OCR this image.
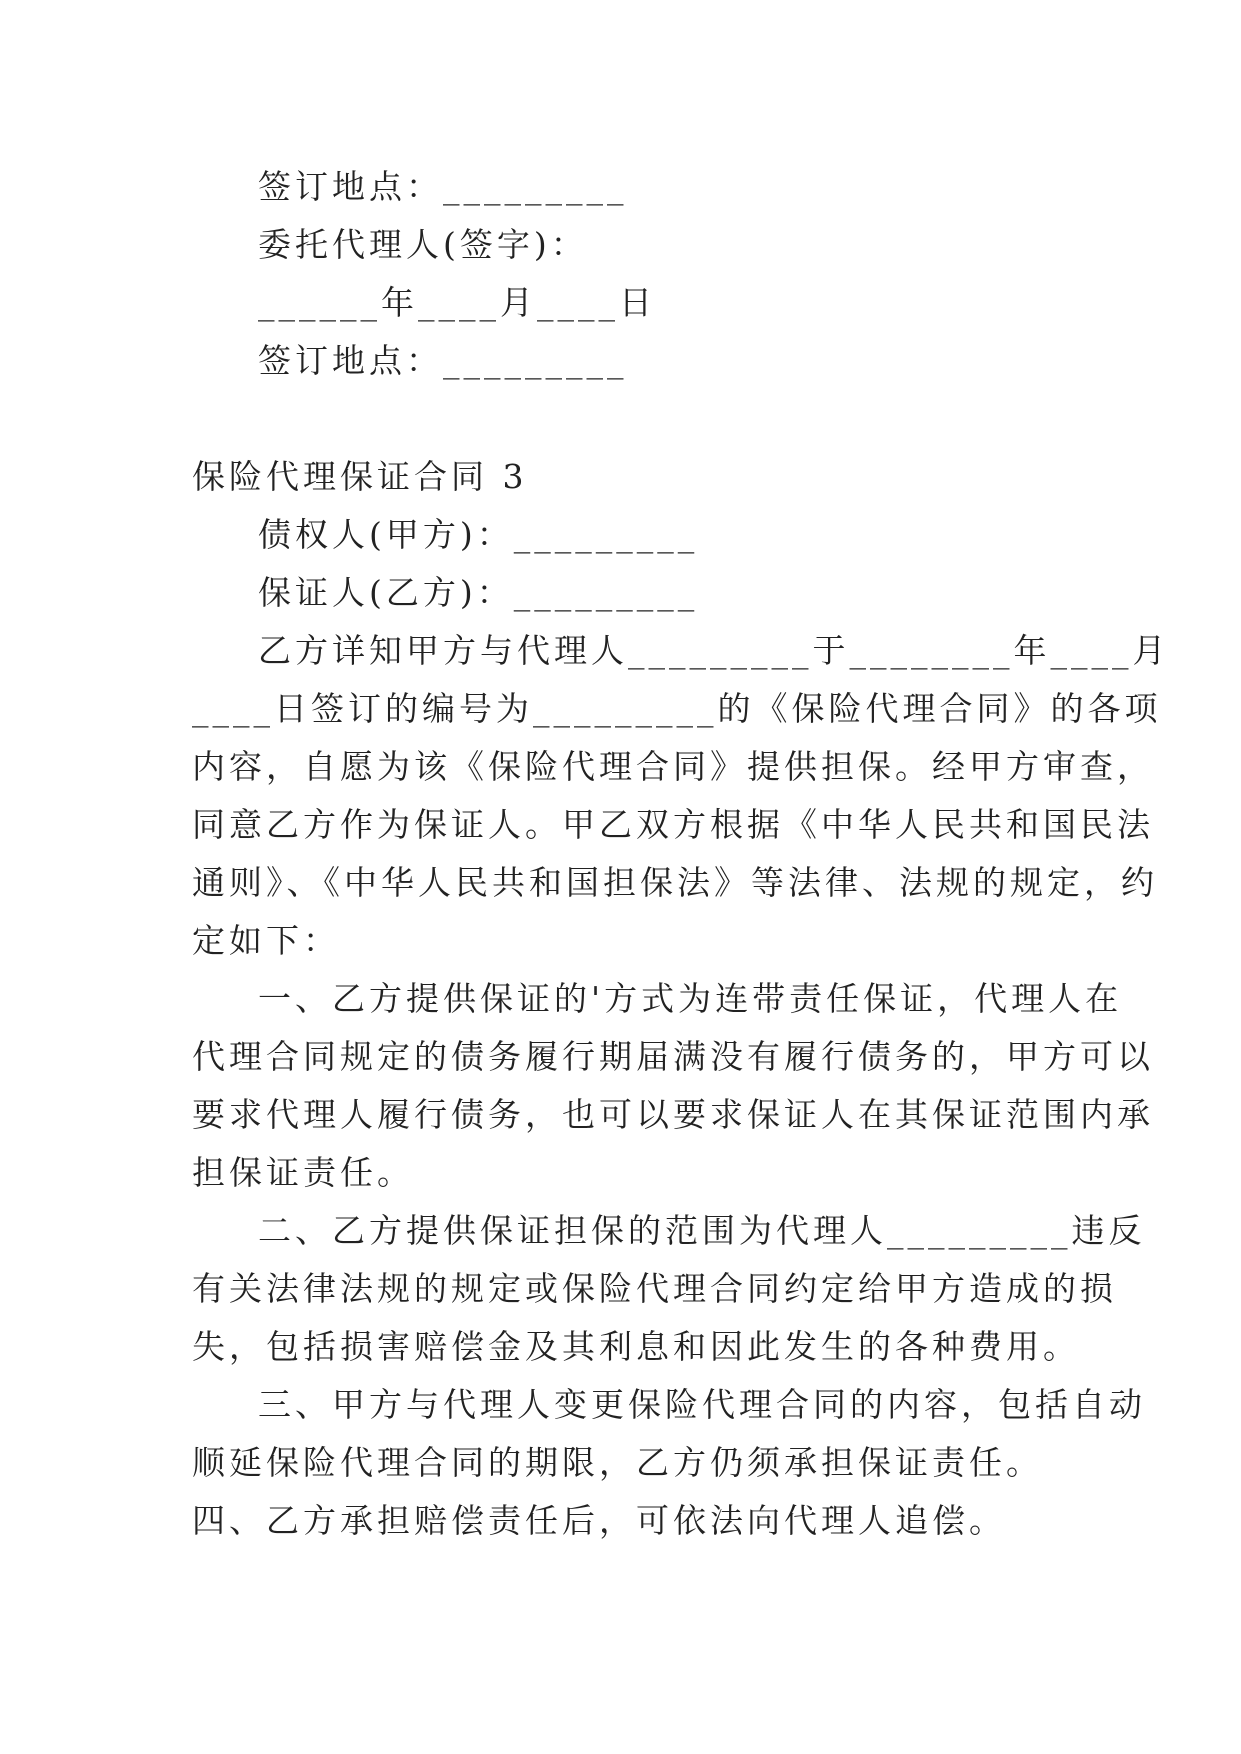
签订地点：_________
委托代理人(签字)：
______年____月____日
签订地点：_________
保险代理保证合同 3
债权人(甲方)：_________
保证人(乙方)：_________
乙方详知甲方与代理人_________于________年____月
____日签订的编号为_________的《保险代理合同》的各项
内容，自愿为该《保险代理合同》提供担保。经甲方审查，
同意乙方作为保证人。甲乙双方根据《中华人民共和国民法
通则》、《中华人民共和国担保法》等法律、法规的规定，约
定如下：
一、乙方提供保证的'方式为连带责任保证，代理人在
代理合同规定的债务履行期届满没有履行债务的，甲方可以
要求代理人履行债务，也可以要求保证人在其保证范围内承
担保证责任。
二、乙方提供保证担保的范围为代理人_________违反
有关法律法规的规定或保险代理合同约定给甲方造成的损
失，包括损害赔偿金及其利息和因此发生的各种费用。
三、甲方与代理人变更保险代理合同的内容，包括自动
顺延保险代理合同的期限，乙方仍须承担保证责任。
四、乙方承担赔偿责任后，可依法向代理人追偿。
